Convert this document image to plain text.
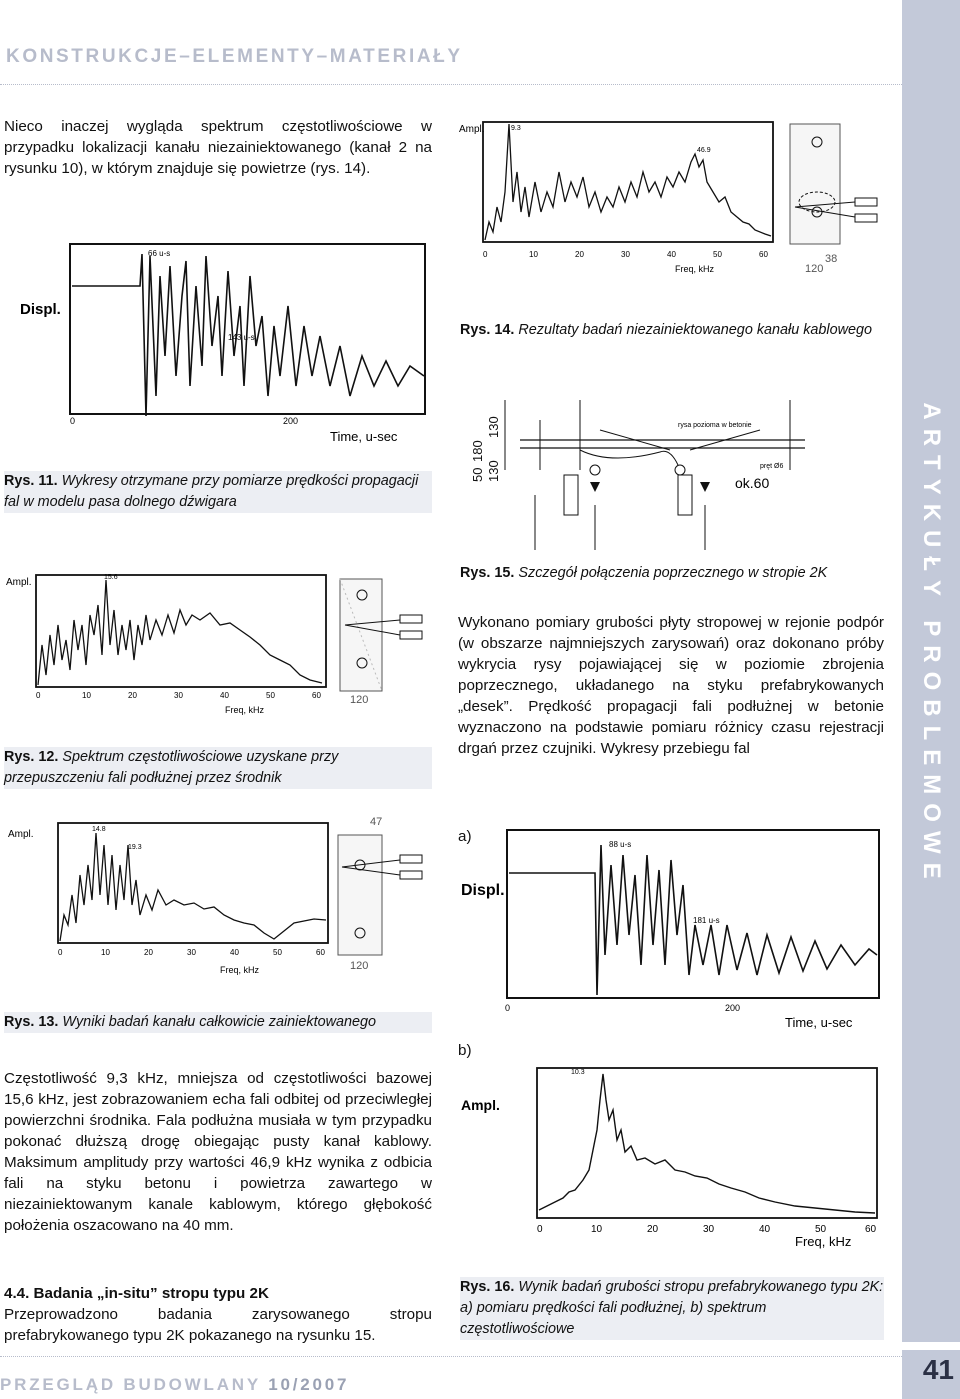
KONSTRUKCJE–ELEMENTY–MATERIAŁY
ARTYKUŁY PROBLEMOWE
Nieco inaczej wygląda spektrum częstotliwościowe w przypadku lokalizacji kanału niezainiektowanego (kanał 2 na rysunku 10), w którym znajduje się powietrze (rys. 14).
Displ.
66 u-s
143 u-s
0	200
Time, u-sec
Rys. 11. Wykresy otrzymane przy pomiarze prędkości propagacji fal w modelu pasa dolnego dźwigara
Ampl.	15.6
0	10	20	30	40	50	60
Freq, kHz
120
Rys. 12. Spektrum częstotliwościowe uzyskane przy przepuszczeniu fali podłużnej przez środnik
Ampl.	14.8
19.3
0	10	20	30	40	50	60
Freq, kHz
47
120
Rys. 13. Wyniki badań kanału całkowicie zainiektowanego
Częstotliwość 9,3 kHz, mniejsza od częstotliwości bazowej 15,6 kHz, jest zobrazowaniem echa fali odbitej od przeciwległej powierzchni środnika. Fala podłużna musiała w tym przypadku pokonać dłuższą drogę obiegając pusty kanał kablowy. Maksimum amplitudy przy wartości 46,9 kHz wynika z odbicia fali na styku betonu i powietrza zawartego w niezainiektowanym kanale kablowym, którego głębokość położenia oszacowano na 40 mm.
4.4. Badania „in-situ” stropu typu 2K
Przeprowadzono badania zarysowanego stropu prefabrykowanego typu 2K pokazanego na rysunku 15.
Ampl.	9.3
46.9
0	10	20	30	40	50	60
Freq, kHz
38
120
Rys. 14. Rezultaty badań niezainiektowanego kanału kablowego
180
130
50 130
rysa pozioma w betonie
pręt Ø6
ok.60
Rys. 15. Szczegół połączenia poprzecznego w stropie 2K
Wykonano pomiary grubości płyty stropowej w rejonie podpór (w obszarze najmniejszych zarysowań) oraz dokonano próby wykrycia rysy pojawiającej się w poziomie zbrojenia poprzecznego, układanego na styku prefabrykowanych „desek”. Prędkość propagacji fali podłużnej w betonie wyznaczono na podstawie pomiaru różnicy czasu rejestracji drgań przez czujniki. Wykresy przebiegu fal
a)
Displ.
88 u-s
181 u-s
0	200
Time, u-sec
b)
Ampl.
10.3
0	10	20	30	40	50	60
Freq, kHz
Rys. 16. Wynik badań grubości stropu prefabrykowanego typu 2K: a) pomiaru prędkości fali podłużnej, b) spektrum częstotliwościowe
PRZEGLĄD BUDOWLANY 10/2007	41
